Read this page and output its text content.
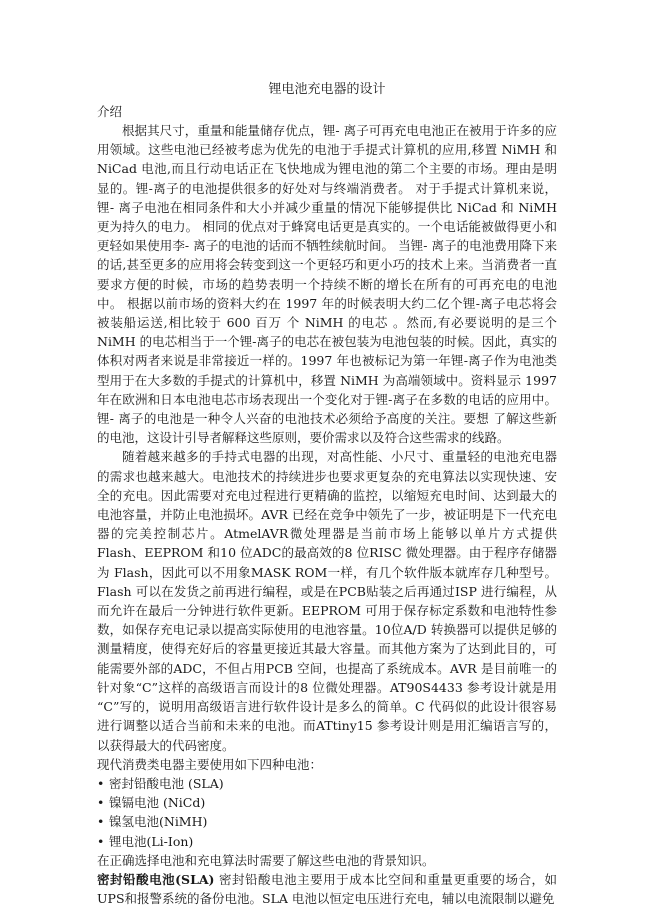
锂电池充电器的设计
介绍

根据其尺寸，重量和能量储存优点，锂- 离子可再充电电池正在被用于许多的应用领域。这些电池已经被考虑为优先的电池于手提式计算机的应用,移置 NiMH 和 NiCad 电池,而且行动电话正在飞快地成为锂电池的第二个主要的市场。理由是明显的。锂-离子的电池提供很多的好处对与终端消费者。 对于手提式计算机来说，锂- 离子电池在相同条件和大小并减少重量的情况下能够提供比 NiCad 和 NiMH 更为持久的电力。 相同的优点对于蜂窝电话更是真实的。一个电话能被做得更小和更轻如果使用李- 离子的电池的话而不牺牲续航时间。 当锂- 离子的电池费用降下来的话,甚至更多的应用将会转变到这一个更轻巧和更小巧的技术上来。当消费者一直要求方便的时候，市场的趋势表明一个持续不断的增长在所有的可再充电的电池中。 根据以前市场的资料大约在 1997 年的时候表明大约二亿个锂-离子电芯将会被装船运送,相比较于 600 百万 个 NiMH 的电芯 。然而,有必要说明的是三个 NiMH 的电芯相当于一个锂-离子的电芯在被包装为电池包装的时候。因此，真实的体积对两者来说是非常接近一样的。1997 年也被标记为第一年锂-离子作为电池类型用于在大多数的手提式的计算机中，移置 NiMH 为高端领域中。资料显示 1997 年在欧洲和日本电池电芯市场表现出一个变化对于锂-离子在多数的电话的应用中。锂- 离子的电池是一种令人兴奋的电池技术必须给予高度的关注。要想 了解这些新的电池，这设计引导者解释这些原则，要价需求以及符合这些需求的线路。

随着越来越多的手持式电器的出现，对高性能、小尺寸、重量轻的电池充电器的需求也越来越大。电池技术的持续进步也要求更复杂的充电算法以实现快速、安全的充电。因此需要对充电过程进行更精确的监控，以缩短充电时间、达到最大的电池容量，并防止电池损坏。AVR 已经在竞争中领先了一步，被证明是下一代充电器的完美控制芯片。AtmelAVR微处理器是当前市场上能够以单片方式提供 Flash、EEPROM 和10 位ADC的最高效的8 位RISC 微处理器。由于程序存储器为 Flash，因此可以不用象MASK ROM一样，有几个软件版本就库存几种型号。Flash 可以在发货之前再进行编程，或是在PCB贴装之后再通过ISP 进行编程，从而允许在最后一分钟进行软件更新。EEPROM 可用于保存标定系数和电池特性参数，如保存充电记录以提高实际使用的电池容量。10位A/D 转换器可以提供足够的测量精度，使得充好后的容量更接近其最大容量。而其他方案为了达到此目的，可能需要外部的ADC，不但占用PCB 空间，也提高了系统成本。AVR 是目前唯一的针对象“C”这样的高级语言而设计的8 位微处理器。AT90S4433 参考设计就是用 “C”写的，说明用高级语言进行软件设计是多么的简单。C 代码似的此设计很容易进行调整以适合当前和未来的电池。而ATtiny15 参考设计则是用汇编语言写的，以获得最大的代码密度。

现代消费类电器主要使用如下四种电池：

• 密封铅酸电池 (SLA)
• 镍镉电池 (NiCd)
• 镍氢电池(NiMH)
• 锂电池(Li-Ion)

在正确选择电池和充电算法时需要了解这些电池的背景知识。

密封铅酸电池(SLA) 密封铅酸电池主要用于成本比空间和重量更重要的场合，如 UPS和报警系统的备份电池。SLA 电池以恒定电压进行充电，辅以电流限制以避免
